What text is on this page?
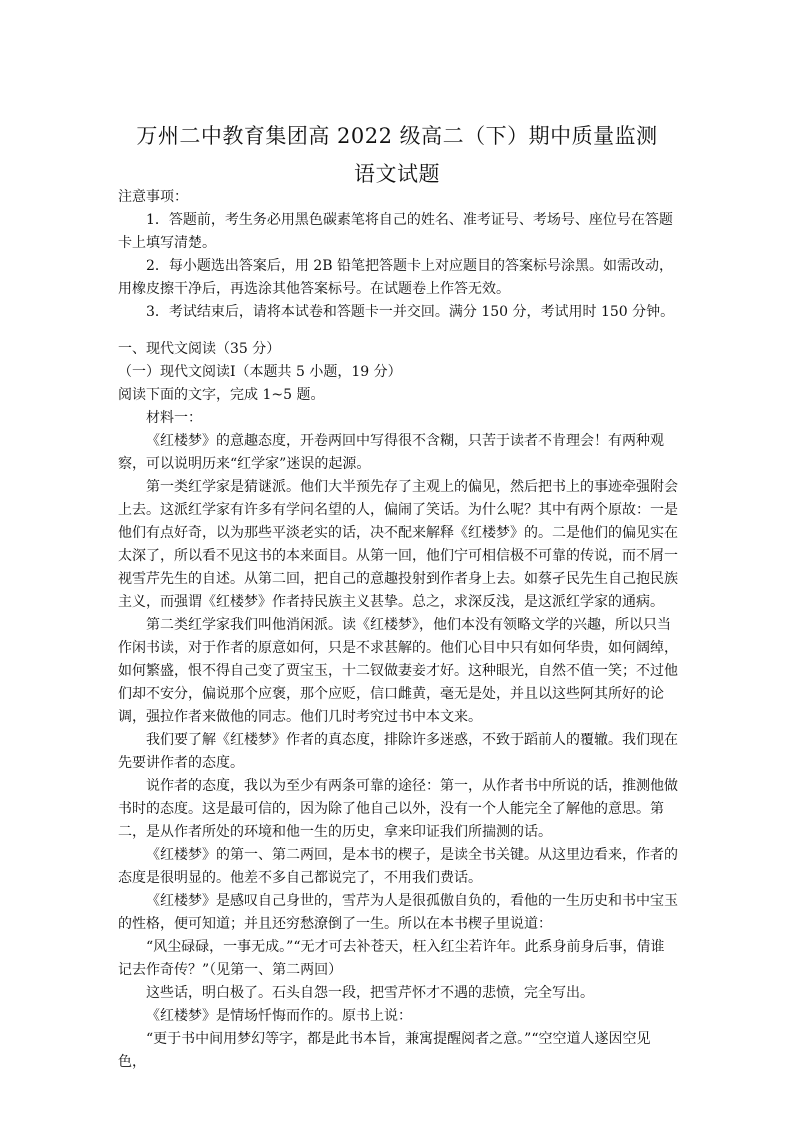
万州二中教育集团高 2022 级高二（下）期中质量监测
语文试题

注意事项：

1．答题前，考生务必用黑色碳素笔将自己的姓名、准考证号、考场号、座位号在答题卡上填写清楚。

2．每小题选出答案后，用 2B 铅笔把答题卡上对应题目的答案标号涂黑。如需改动，用橡皮擦干净后，再选涂其他答案标号。在试题卷上作答无效。

3．考试结束后，请将本试卷和答题卡一并交回。满分 150 分，考试用时 150 分钟。

一、现代文阅读（35 分）

（一）现代文阅读Ⅰ（本题共 5 小题，19 分）

阅读下面的文字，完成 1~5 题。

材料一：

《红楼梦》的意趣态度，开卷两回中写得很不含糊，只苦于读者不肯理会！有两种观察，可以说明历来“红学家”迷误的起源。

第一类红学家是猜谜派。他们大半预先存了主观上的偏见，然后把书上的事迹牵强附会上去。这派红学家有许多有学问名望的人，偏闹了笑话。为什么呢？其中有两个原故：一是他们有点好奇，以为那些平淡老实的话，决不配来解释《红楼梦》的。二是他们的偏见实在太深了，所以看不见这书的本来面目。从第一回，他们宁可相信极不可靠的传说，而不屑一视雪芹先生的自述。从第二回，把自己的意趣投射到作者身上去。如蔡孑民先生自己抱民族主义，而强谓《红楼梦》作者持民族主义甚挚。总之，求深反浅，是这派红学家的通病。

第二类红学家我们叫他消闲派。读《红楼梦》，他们本没有领略文学的兴趣，所以只当作闲书读，对于作者的原意如何，只是不求甚解的。他们心目中只有如何华贵，如何阔绰，如何繁盛，恨不得自己变了贾宝玉，十二钗做妻妾才好。这种眼光，自然不值一笑；不过他们却不安分，偏说那个应褒，那个应贬，信口雌黄，毫无是处，并且以这些阿其所好的论调，强拉作者来做他的同志。他们几时考究过书中本文来。

我们要了解《红楼梦》作者的真态度，排除许多迷惑，不致于蹈前人的覆辙。我们现在先要讲作者的态度。

说作者的态度，我以为至少有两条可靠的途径：第一，从作者书中所说的话，推测他做书时的态度。这是最可信的，因为除了他自己以外，没有一个人能完全了解他的意思。第二，是从作者所处的环境和他一生的历史，拿来印证我们所揣测的话。

《红楼梦》的第一、第二两回，是本书的楔子，是读全书关键。从这里边看来，作者的态度是很明显的。他差不多自己都说完了，不用我们费话。

《红楼梦》是感叹自己身世的，雪芹为人是很孤傲自负的，看他的一生历史和书中宝玉的性格，便可知道；并且还穷愁潦倒了一生。所以在本书楔子里说道：

“风尘碌碌，一事无成。”“无才可去补苍天，枉入红尘若许年。此系身前身后事，倩谁记去作奇传？”（见第一、第二两回）

这些话，明白极了。石头自怨一段，把雪芹怀才不遇的悲愤，完全写出。

《红楼梦》是情场忏悔而作的。原书上说：

“更于书中间用梦幻等字，都是此书本旨，兼寓提醒阅者之意。”“空空道人遂因空见色，
